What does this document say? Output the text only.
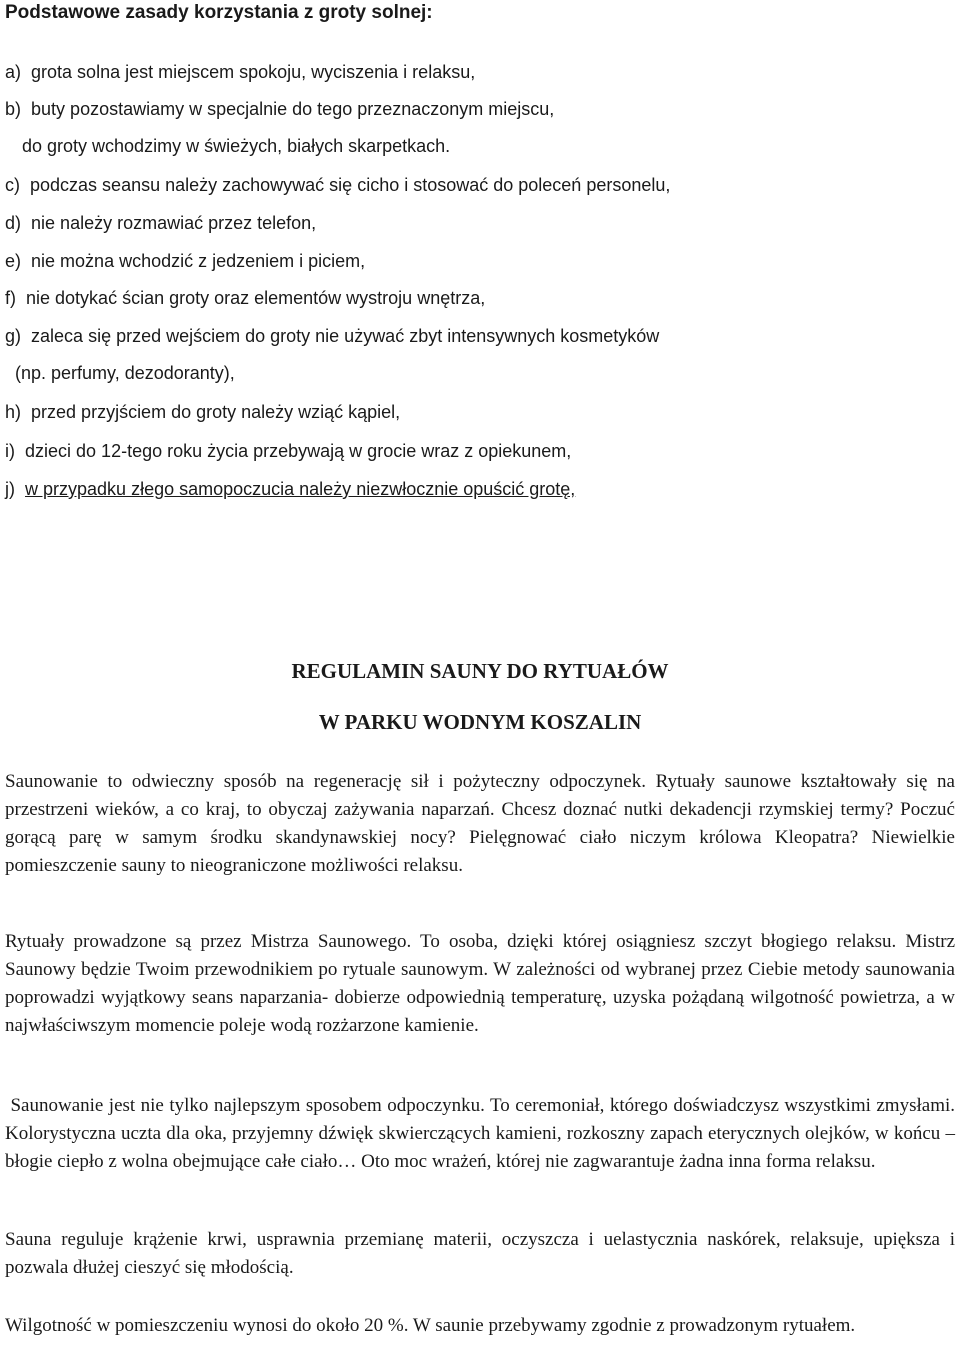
Podstawowe zasady korzystania z groty solnej:
a) grota solna jest miejscem spokoju, wyciszenia i relaksu,
b) buty pozostawiamy w specjalnie do tego przeznaczonym miejscu,
do groty wchodzimy w świeżych, białych skarpetkach.
c) podczas seansu należy zachowywać się cicho i stosować do poleceń personelu,
d) nie należy rozmawiać przez telefon,
e) nie można wchodzić z jedzeniem i piciem,
f) nie dotykać ścian groty oraz elementów wystroju wnętrza,
g) zaleca się przed wejściem do groty nie używać zbyt intensywnych kosmetyków
(np. perfumy, dezodoranty),
h) przed przyjściem do groty należy wziąć kąpiel,
i) dzieci do 12-tego roku życia przebywają w grocie wraz z opiekunem,
j) w przypadku złego samopoczucia należy niezwłocznie opuścić grotę,
REGULAMIN SAUNY DO RYTUAŁÓW
W PARKU WODNYM KOSZALIN

Saunowanie to odwieczny sposób na regenerację sił i pożyteczny odpoczynek. Rytuały saunowe kształtowały się na przestrzeni wieków, a co kraj, to obyczaj zażywania naparzań. Chcesz doznać nutki dekadencji rzymskiej termy? Poczuć gorącą parę w samym środku skandynawskiej nocy? Pielęgnować ciało niczym królowa Kleopatra? Niewielkie pomieszczenie sauny to nieograniczone możliwości relaksu.

Rytuały prowadzone są przez Mistrza Saunowego. To osoba, dzięki której osiągniesz szczyt błogiego relaksu. Mistrz Saunowy będzie Twoim przewodnikiem po rytuale saunowym. W zależności od wybranej przez Ciebie metody saunowania poprowadzi wyjątkowy seans naparzania- dobierze odpowiednią temperaturę, uzyska pożądaną wilgotność powietrza, a w najwłaściwszym momencie poleje wodą rozżarzone kamienie.

Saunowanie jest nie tylko najlepszym sposobem odpoczynku. To ceremoniał, którego doświadczysz wszystkimi zmysłami. Kolorystyczna uczta dla oka, przyjemny dźwięk skwierczących kamieni, rozkoszny zapach eterycznych olejków, w końcu – błogie ciepło z wolna obejmujące całe ciało… Oto moc wrażeń, której nie zagwarantuje żadna inna forma relaksu.

Sauna reguluje krążenie krwi, usprawnia przemianę materii, oczyszcza i uelastycznia naskórek, relaksuje, upiększa i pozwala dłużej cieszyć się młodością.

Wilgotność w pomieszczeniu wynosi do około 20 %. W saunie przebywamy zgodnie z prowadzonym rytuałem.
